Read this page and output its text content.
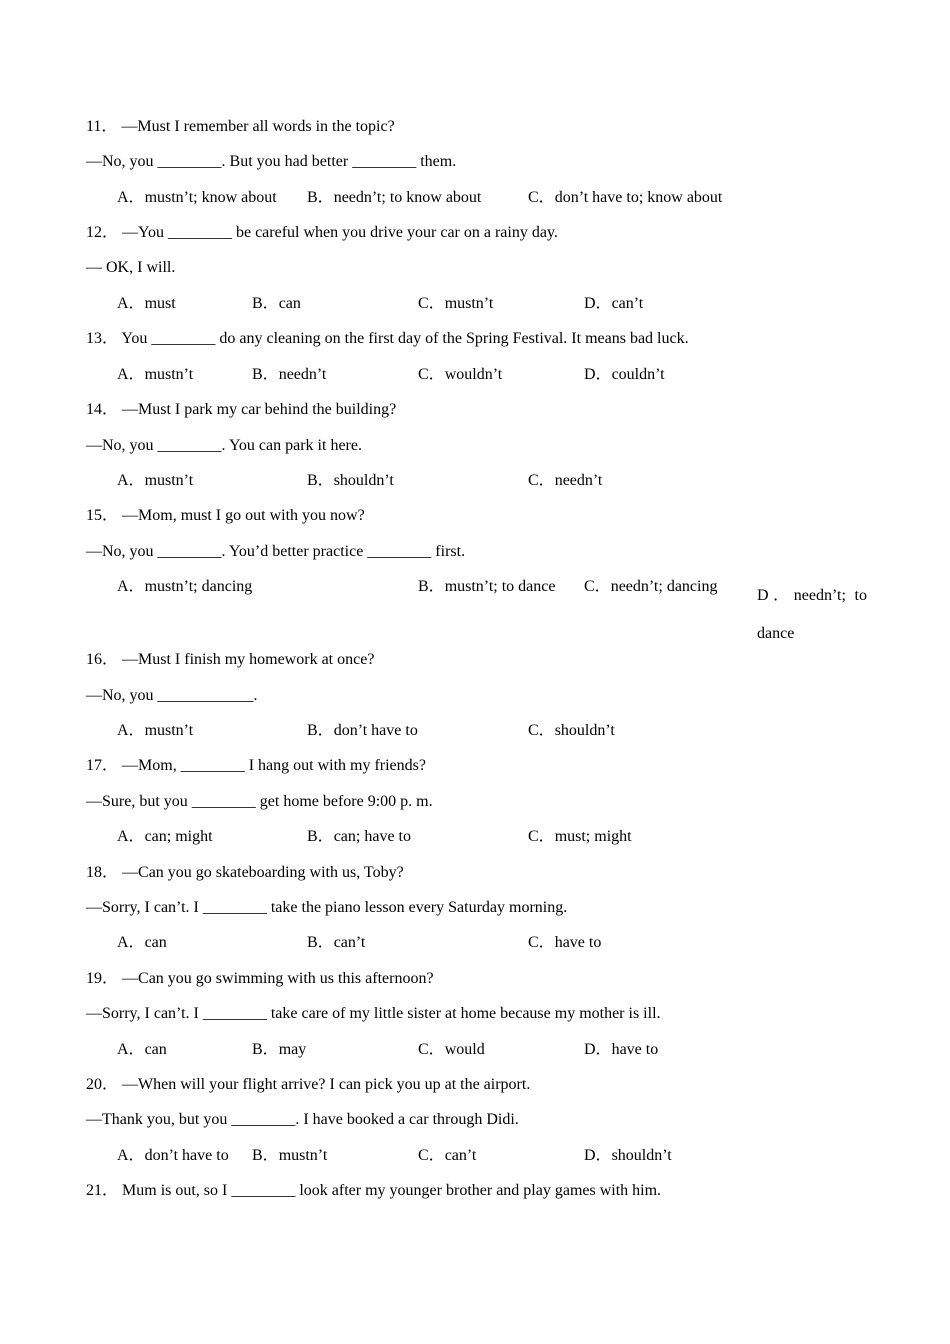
11． —Must I remember all words in the topic?
—No, you ________. But you had better ________ them.
A．mustn’t; know about B．needn’t; to know about	C．don’t have to; know about
12． —You ________ be careful when you drive your car on a rainy day.
— OK, I will.
A．must	B．can	C．mustn’t	D．can’t
13． You ________ do any cleaning on the first day of the Spring Festival. It means bad luck.
A．mustn’t	B．needn’t	C．wouldn’t	D．couldn’t
14． —Must I park my car behind the building?
—No, you ________. You can park it here.
A．mustn’t	B．shouldn’t	C．needn’t
15． —Mom, must I go out with you now?
—No, you ________. You’d better practice ________ first.
A．mustn’t; dancing	B．mustn’t; to dance C．needn’t; dancing
D．needn’t; to dance
16． —Must I finish my homework at once?
—No, you ____________.
A．mustn’t	B．don’t have to	C．shouldn’t
17． —Mom, ________ I hang out with my friends?
—Sure, but you ________ get home before 9:00 p. m.
A．can; might	B．can; have to	C．must; might
18． —Can you go skateboarding with us, Toby?
—Sorry, I can’t. I ________ take the piano lesson every Saturday morning.
A．can	B．can’t	C．have to
19． —Can you go swimming with us this afternoon?
—Sorry, I can’t. I ________ take care of my little sister at home because my mother is ill.
A．can	B．may	C．would	D．have to
20． —When will your flight arrive? I can pick you up at the airport.
—Thank you, but you ________. I have booked a car through Didi.
A．don’t have to B．mustn’t	C．can’t	D．shouldn’t
21． Mum is out, so I ________ look after my younger brother and play games with him.
